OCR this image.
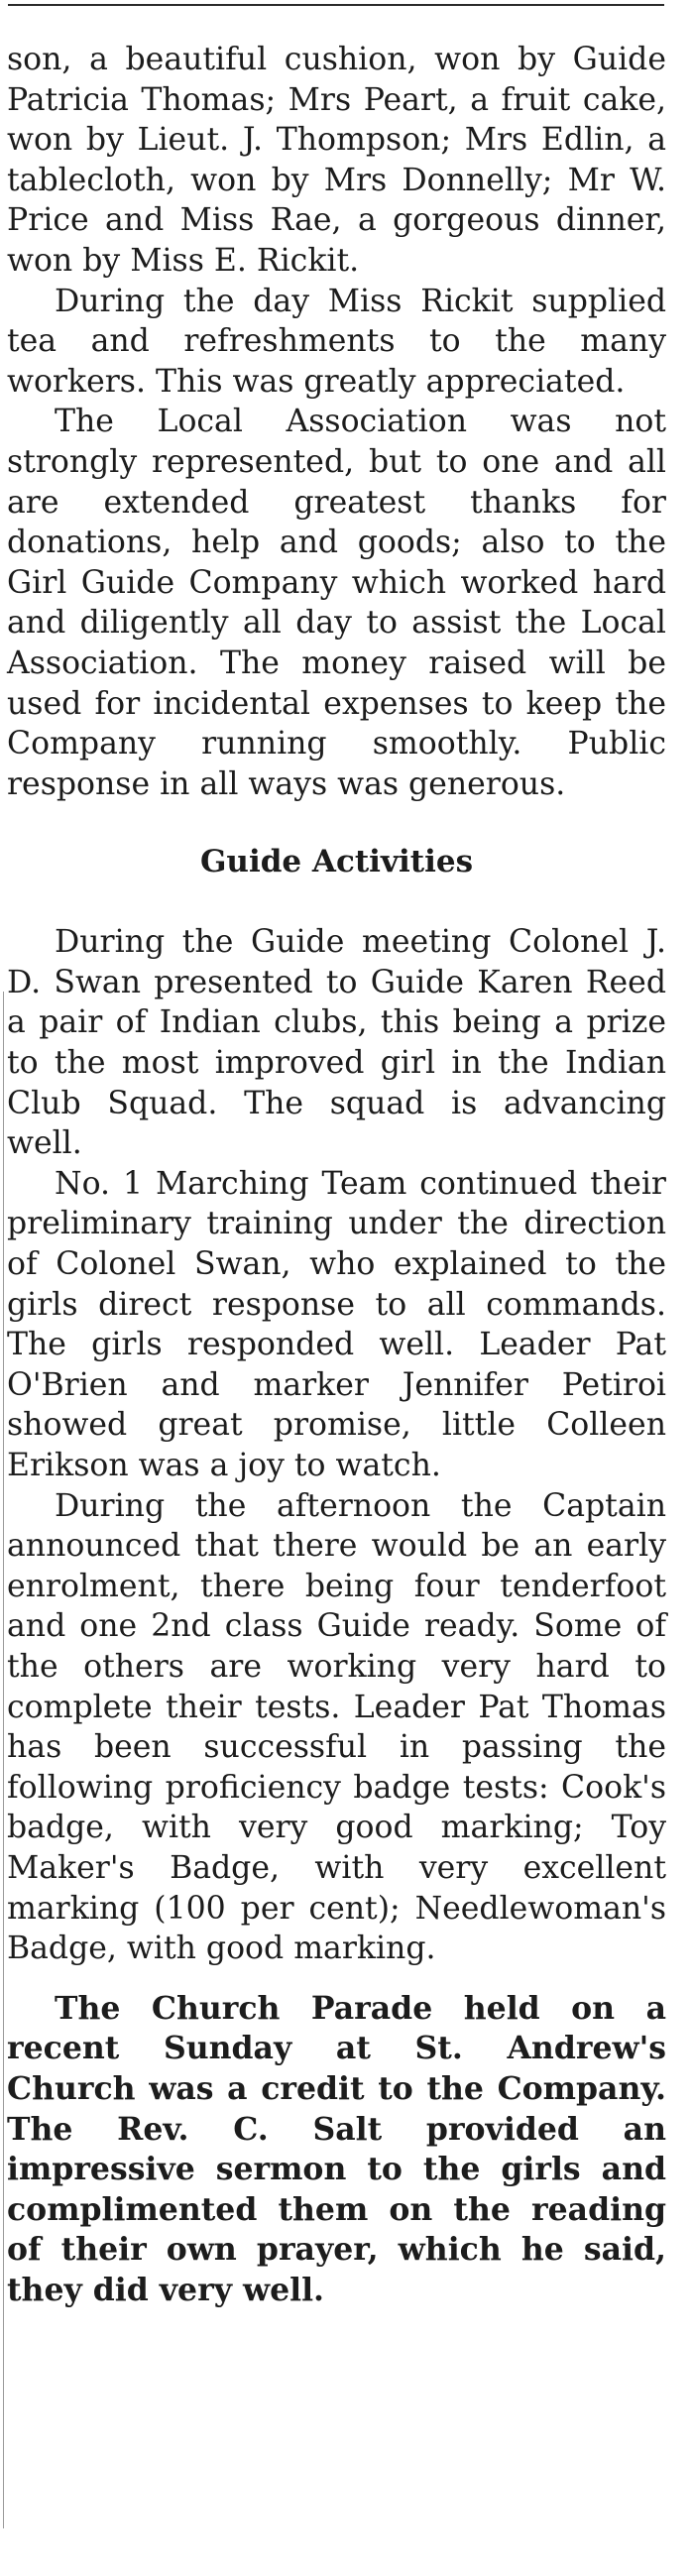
son, a beautiful cushion, won by Guide Patricia Thomas; Mrs Peart, a fruit cake, won by Lieut. J. Thompson; Mrs Edlin, a tablecloth, won by Mrs Donnelly; Mr W. Price and Miss Rae, a gorgeous dinner, won by Miss E. Rickit.

During the day Miss Rickit supplied tea and refreshments to the many workers. This was greatly appreciated.

The Local Association was not strongly represented, but to one and all are extended greatest thanks for donations, help and goods; also to the Girl Guide Company which worked hard and diligently all day to assist the Local Association. The money raised will be used for incidental expenses to keep the Company running smoothly. Public response in all ways was generous.

Guide Activities

During the Guide meeting Colonel J. D. Swan presented to Guide Karen Reed a pair of Indian clubs, this being a prize to the most improved girl in the Indian Club Squad. The squad is advancing well.

No. 1 Marching Team continued their preliminary training under the direction of Colonel Swan, who explained to the girls direct response to all commands. The girls responded well. Leader Pat O'Brien and marker Jennifer Petiroi showed great promise, little Colleen Erikson was a joy to watch.

During the afternoon the Captain announced that there would be an early enrolment, there being four tenderfoot and one 2nd class Guide ready. Some of the others are working very hard to complete their tests. Leader Pat Thomas has been successful in passing the following proficiency badge tests: Cook's badge, with very good marking; Toy Maker's Badge, with very excellent marking (100 per cent); Needlewoman's Badge, with good marking.

The Church Parade held on a recent Sunday at St. Andrew's Church was a credit to the Company. The Rev. C. Salt provided an impressive sermon to the girls and complimented them on the reading of their own prayer, which he said, they did very well.
